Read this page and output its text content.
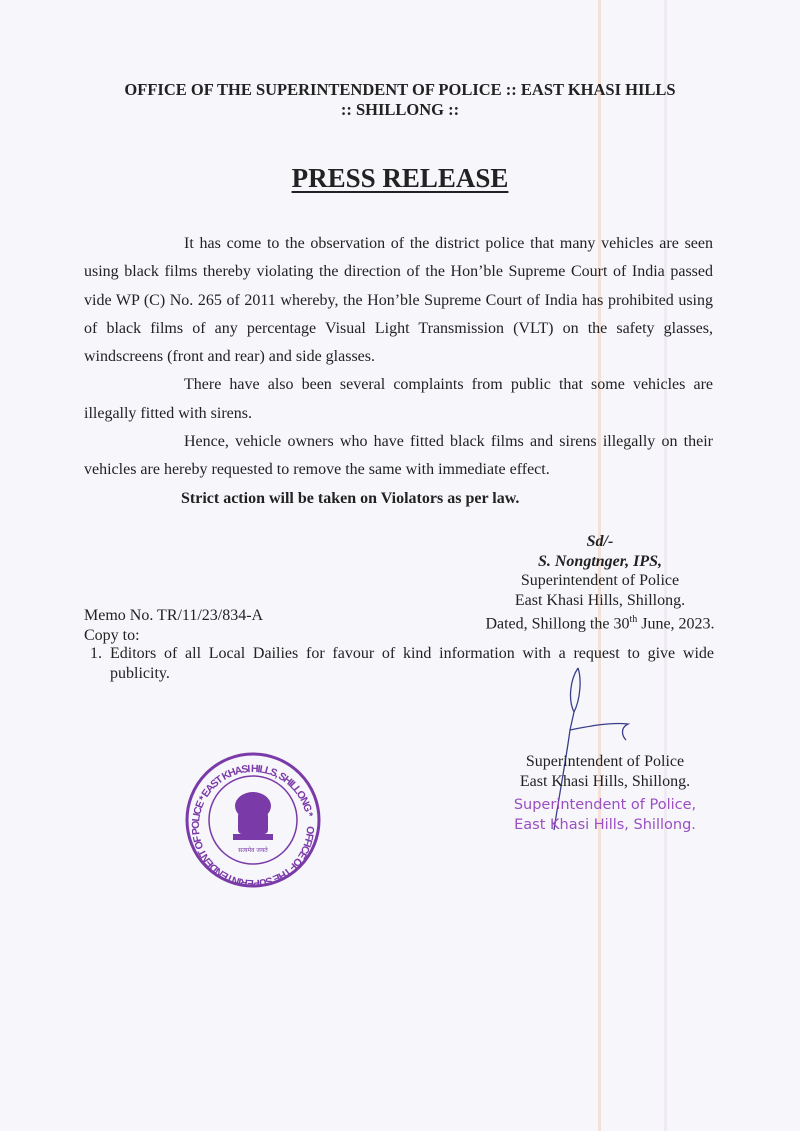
OFFICE OF THE SUPERINTENDENT OF POLICE :: EAST KHASI HILLS
:: SHILLONG ::
PRESS RELEASE

It has come to the observation of the district police that many vehicles are seen using black films thereby violating the direction of the Hon’ble Supreme Court of India passed vide WP (C) No. 265 of 2011 whereby, the Hon’ble Supreme Court of India has prohibited using of black films of any percentage Visual Light Transmission (VLT) on the safety glasses, windscreens (front and rear) and side glasses.

There have also been several complaints from public that some vehicles are illegally fitted with sirens.

Hence, vehicle owners who have fitted black films and sirens illegally on their vehicles are hereby requested to remove the same with immediate effect.

Strict action will be taken on Violators as per law.

Sd/-
S. Nongtnger, IPS,
Superintendent of Police
East Khasi Hills, Shillong.
Dated, Shillong the 30th June, 2023.
Memo No. TR/11/23/834-A
Copy to:
1. Editors of all Local Dailies for favour of kind information with a request to give wide publicity.
Superintendent of Police
East Khasi Hills, Shillong.
Superintendent of Police,
East Khasi Hills, Shillong.
OFFICE OF THE SUPERINTENDENT OF POLICE * EAST KHASI HILLS, SHILLONG *
सत्यमेव जयते
